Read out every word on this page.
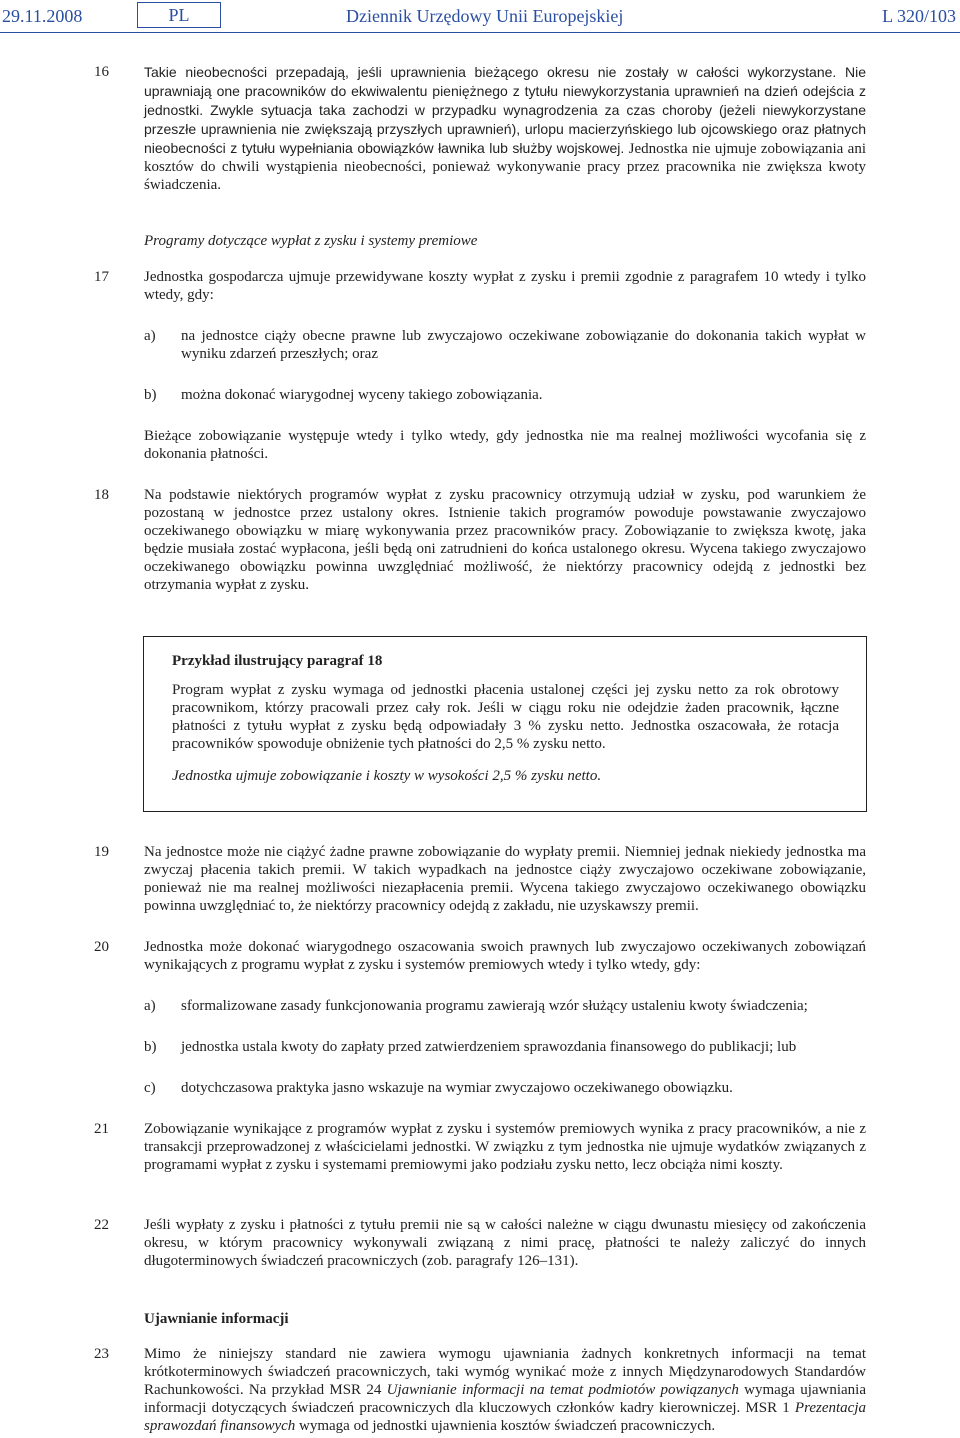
29.11.2008	PL	Dziennik Urzędowy Unii Europejskiej	L 320/103
16	Takie nieobecności przepadają, jeśli uprawnienia bieżącego okresu nie zostały w całości wykorzystane. Nie uprawniają one pracowników do ekwiwalentu pieniężnego z tytułu niewykorzystania uprawnień na dzień odejścia z jednostki. Zwykle sytuacja taka zachodzi w przypadku wynagrodzenia za czas choroby (jeżeli niewykorzystane przeszłe uprawnienia nie zwiększają przyszłych uprawnień), urlopu macierzyńskiego lub ojcowskiego oraz płatnych nieobecności z tytułu wypełniania obowiązków ławnika lub służby wojskowej. Jednostka nie ujmuje zobowiązania ani kosztów do chwili wystąpienia nieobecności, ponieważ wykonywanie pracy przez pracownika nie zwiększa kwoty świadczenia.
Programy dotyczące wypłat z zysku i systemy premiowe
17 Jednostka gospodarcza ujmuje przewidywane koszty wypłat z zysku i premii zgodnie z paragrafem 10 wtedy i tylko wtedy, gdy:
a) na jednostce ciąży obecne prawne lub zwyczajowo oczekiwane zobowiązanie do dokonania takich wypłat w wyniku zdarzeń przeszłych; oraz
b) można dokonać wiarygodnej wyceny takiego zobowiązania.
Bieżące zobowiązanie występuje wtedy i tylko wtedy, gdy jednostka nie ma realnej możliwości wycofania się z dokonania płatności.
18 Na podstawie niektórych programów wypłat z zysku pracownicy otrzymują udział w zysku, pod warunkiem że pozostaną w jednostce przez ustalony okres. Istnienie takich programów powoduje powstawanie zwyczajowo oczekiwanego obowiązku w miarę wykonywania przez pracowników pracy. Zobowiązanie to zwiększa kwotę, jaka będzie musiała zostać wypłacona, jeśli będą oni zatrudnieni do końca ustalonego okresu. Wycena takiego zwyczajowo oczekiwanego obowiązku powinna uwzględniać możliwość, że niektórzy pracownicy odejdą z jednostki bez otrzymania wypłat z zysku.
Przykład ilustrujący paragraf 18
Program wypłat z zysku wymaga od jednostki płacenia ustalonej części jej zysku netto za rok obrotowy pracownikom, którzy pracowali przez cały rok. Jeśli w ciągu roku nie odejdzie żaden pracownik, łączne płatności z tytułu wypłat z zysku będą odpowiadały 3 % zysku netto. Jednostka oszacowała, że rotacja pracowników spowoduje obniżenie tych płatności do 2,5 % zysku netto.
Jednostka ujmuje zobowiązanie i koszty w wysokości 2,5 % zysku netto.
19 Na jednostce może nie ciążyć żadne prawne zobowiązanie do wypłaty premii. Niemniej jednak niekiedy jednostka ma zwyczaj płacenia takich premii. W takich wypadkach na jednostce ciąży zwyczajowo oczekiwane zobowiązanie, ponieważ nie ma realnej możliwości niezapłacenia premii. Wycena takiego zwyczajowo oczekiwanego obowiązku powinna uwzględniać to, że niektórzy pracownicy odejdą z zakładu, nie uzyskawszy premii.
20 Jednostka może dokonać wiarygodnego oszacowania swoich prawnych lub zwyczajowo oczekiwanych zobowiązań wynikających z programu wypłat z zysku i systemów premiowych wtedy i tylko wtedy, gdy:
a) sformalizowane zasady funkcjonowania programu zawierają wzór służący ustaleniu kwoty świadczenia;
b) jednostka ustala kwoty do zapłaty przed zatwierdzeniem sprawozdania finansowego do publikacji; lub
c) dotychczasowa praktyka jasno wskazuje na wymiar zwyczajowo oczekiwanego obowiązku.
21 Zobowiązanie wynikające z programów wypłat z zysku i systemów premiowych wynika z pracy pracowników, a nie z transakcji przeprowadzonej z właścicielami jednostki. W związku z tym jednostka nie ujmuje wydatków związanych z programami wypłat z zysku i systemami premiowymi jako podziału zysku netto, lecz obciąża nimi koszty.
22 Jeśli wypłaty z zysku i płatności z tytułu premii nie są w całości należne w ciągu dwunastu miesięcy od zakończenia okresu, w którym pracownicy wykonywali związaną z nimi pracę, płatności te należy zaliczyć do innych długoterminowych świadczeń pracowniczych (zob. paragrafy 126–131).
Ujawnianie informacji
23 Mimo że niniejszy standard nie zawiera wymogu ujawniania żadnych konkretnych informacji na temat krótkoterminowych świadczeń pracowniczych, taki wymóg wynikać może z innych Międzynarodowych Standardów Rachunkowości. Na przykład MSR 24 Ujawnianie informacji na temat podmiotów powiązanych wymaga ujawniania informacji dotyczących świadczeń pracowniczych dla kluczowych członków kadry kierowniczej. MSR 1 Prezentacja sprawozdań finansowych wymaga od jednostki ujawnienia kosztów świadczeń pracowniczych.
